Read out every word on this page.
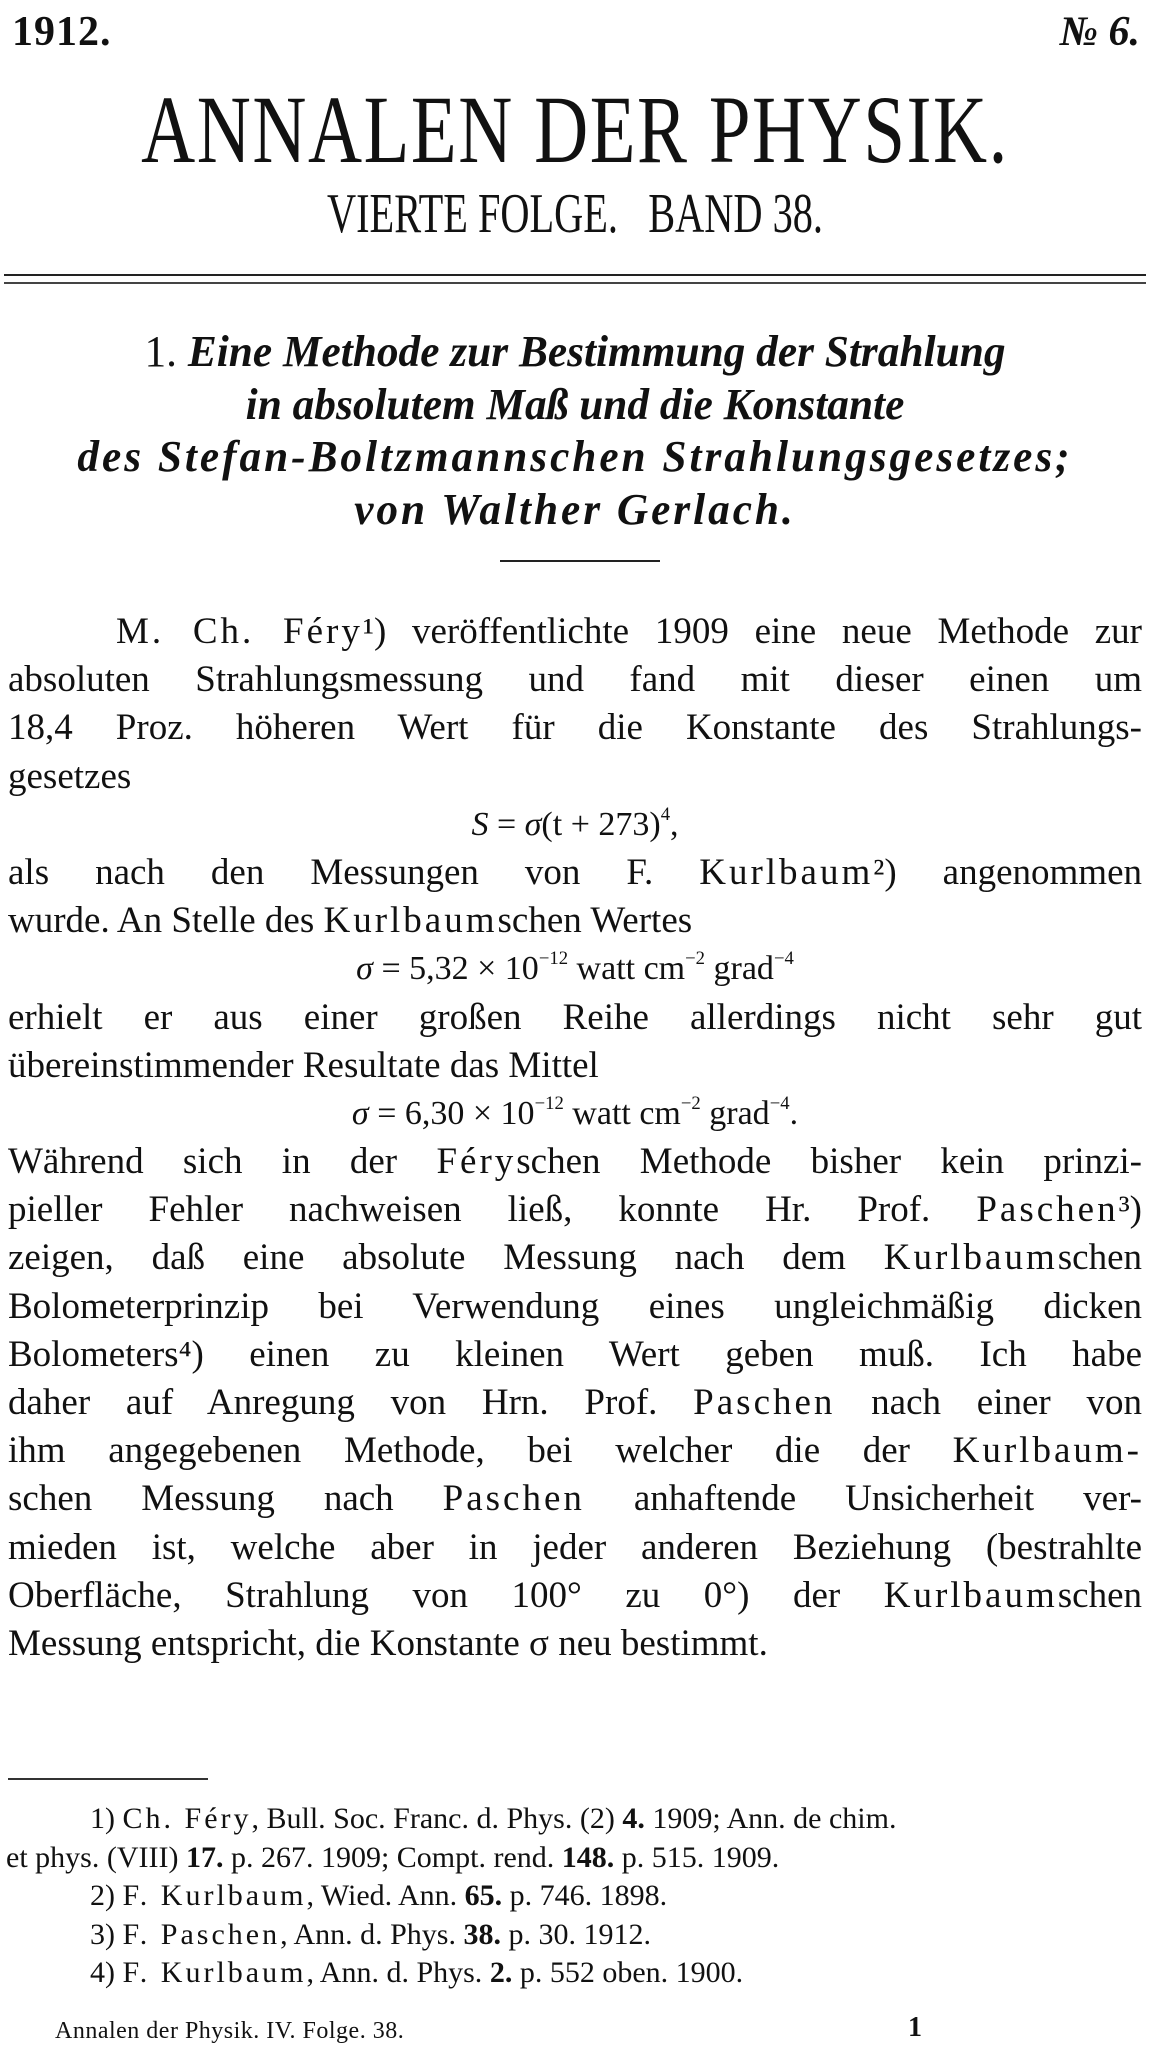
1912.	№ 6.
ANNALEN DER PHYSIK.
VIERTE FOLGE.   BAND 38.
1. Eine Methode zur Bestimmung der Strahlung
in absolutem Maß und die Konstante
des Stefan-Boltzmannschen Strahlungsgesetzes;
von Walther Gerlach.
M. Ch. Féry¹) veröffentlichte 1909 eine neue Methode zur
absoluten Strahlungsmessung und fand mit dieser einen um
18,4 Proz. höheren Wert für die Konstante des Strahlungs-
gesetzes
$S = \sigma(t + 273)^4$,
als nach den Messungen von F. Kurlbaum²) angenommen
wurde. An Stelle des Kurlbaumschen Wertes
$\sigma = 5,32 \times 10^{-12}$ watt $cm^{-2}$ grad$^{-4}$
erhielt er aus einer großen Reihe allerdings nicht sehr gut
übereinstimmender Resultate das Mittel
$\sigma = 6,30 \times 10^{-12}$ watt $cm^{-2}$ grad$^{-4}$.
Während sich in der Féryschen Methode bisher kein prinzi-
pieller Fehler nachweisen ließ, konnte Hr. Prof. Paschen³)
zeigen, daß eine absolute Messung nach dem Kurlbaumschen
Bolometerprinzip bei Verwendung eines ungleichmäßig dicken
Bolometers⁴) einen zu kleinen Wert geben muß. Ich habe
daher auf Anregung von Hrn. Prof. Paschen nach einer von
ihm angegebenen Methode, bei welcher die der Kurlbaum-
schen Messung nach Paschen anhaftende Unsicherheit ver-
mieden ist, welche aber in jeder anderen Beziehung (bestrahlte
Oberfläche, Strahlung von 100° zu 0°) der Kurlbaumschen
Messung entspricht, die Konstante σ neu bestimmt.
1) Ch. Féry, Bull. Soc. Franc. d. Phys. (2) 4. 1909; Ann. de chim.
et phys. (VIII) 17. p. 267. 1909; Compt. rend. 148. p. 515. 1909.
2) F. Kurlbaum, Wied. Ann. 65. p. 746. 1898.
3) F. Paschen, Ann. d. Phys. 38. p. 30. 1912.
4) F. Kurlbaum, Ann. d. Phys. 2. p. 552 oben. 1900.
Annalen der Physik. IV. Folge. 38.	1
